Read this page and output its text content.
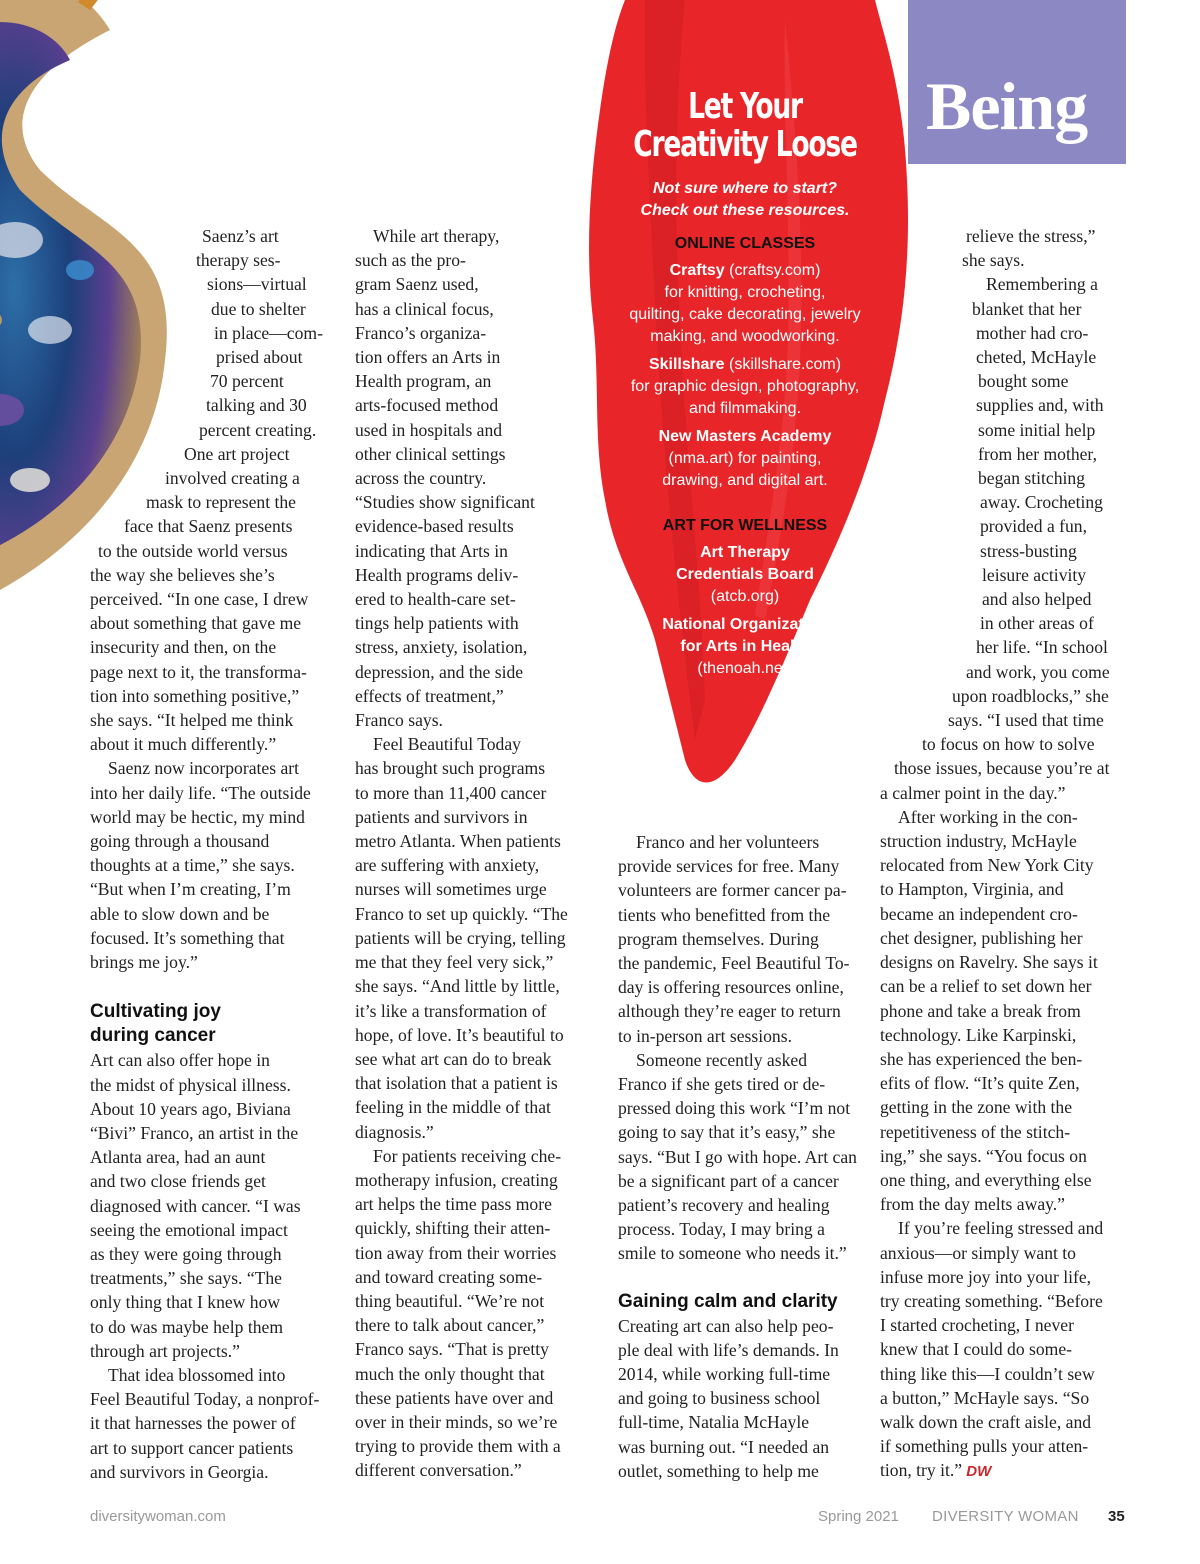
Being
Let Your
Creativity Loose
Not sure where to start?
Check out these resources.
ONLINE CLASSES
Craftsy (craftsy.com)
for knitting, crocheting,
quilting, cake decorating, jewelry
making, and woodworking.
Skillshare (skillshare.com)
for graphic design, photography,
and filmmaking.
New Masters Academy
(nma.art) for painting,
drawing, and digital art.
ART FOR WELLNESS
Art Therapy
Credentials Board
(atcb.org)
National Organization
for Arts in Health
(thenoah.net)

Saenz’s art

therapy ses-

sions—virtual

due to shelter

in place—com-

prised about

70 percent

talking and 30

percent creating.

One art project

involved creating a

mask to represent the

face that Saenz presents

to the outside world versus

the way she believes she’s

perceived. “In one case, I drew

about something that gave me

insecurity and then, on the

page next to it, the transforma-

tion into something positive,”

she says. “It helped me think

about it much differently.”

Saenz now incorporates art

into her daily life. “The outside

world may be hectic, my mind

going through a thousand

thoughts at a time,” she says.

“But when I’m creating, I’m

able to slow down and be

focused. It’s something that

brings me joy.”

Cultivating joy
during cancer

Art can also offer hope in

the midst of physical illness.

About 10 years ago, Biviana

“Bivi” Franco, an artist in the

Atlanta area, had an aunt

and two close friends get

diagnosed with cancer. “I was

seeing the emotional impact

as they were going through

treatments,” she says. “The

only thing that I knew how

to do was maybe help them

through art projects.”

That idea blossomed into

Feel Beautiful Today, a nonprof-

it that harnesses the power of

art to support cancer patients

and survivors in Georgia.

While art therapy,

such as the pro-

gram Saenz used,

has a clinical focus,

Franco’s organiza-

tion offers an Arts in

Health program, an

arts-focused method

used in hospitals and

other clinical settings

across the country.

“Studies show significant

evidence-based results

indicating that Arts in

Health programs deliv-

ered to health-care set-

tings help patients with

stress, anxiety, isolation,

depression, and the side

effects of treatment,”

Franco says.

Feel Beautiful Today

has brought such programs

to more than 11,400 cancer

patients and survivors in

metro Atlanta. When patients

are suffering with anxiety,

nurses will sometimes urge

Franco to set up quickly. “The

patients will be crying, telling

me that they feel very sick,”

she says. “And little by little,

it’s like a transformation of

hope, of love. It’s beautiful to

see what art can do to break

that isolation that a patient is

feeling in the middle of that

diagnosis.”

For patients receiving che-

motherapy infusion, creating

art helps the time pass more

quickly, shifting their atten-

tion away from their worries

and toward creating some-

thing beautiful. “We’re not

there to talk about cancer,”

Franco says. “That is pretty

much the only thought that

these patients have over and

over in their minds, so we’re

trying to provide them with a

different conversation.”

Franco and her volunteers

provide services for free. Many

volunteers are former cancer pa-

tients who benefitted from the

program themselves. During

the pandemic, Feel Beautiful To-

day is offering resources online,

although they’re eager to return

to in-person art sessions.

Someone recently asked

Franco if she gets tired or de-

pressed doing this work “I’m not

going to say that it’s easy,” she

says. “But I go with hope. Art can

be a significant part of a cancer

patient’s recovery and healing

process. Today, I may bring a

smile to someone who needs it.”

Gaining calm and clarity

Creating art can also help peo-

ple deal with life’s demands. In

2014, while working full-time

and going to business school

full-time, Natalia McHayle

was burning out. “I needed an

outlet, something to help me

relieve the stress,”

she says.

Remembering a

blanket that her

mother had cro-

cheted, McHayle

bought some

supplies and, with

some initial help

from her mother,

began stitching

away. Crocheting

provided a fun,

stress-busting

leisure activity

and also helped

in other areas of

her life. “In school

and work, you come

upon roadblocks,” she

says. “I used that time

to focus on how to solve

those issues, because you’re at

a calmer point in the day.”

After working in the con-

struction industry, McHayle

relocated from New York City

to Hampton, Virginia, and

became an independent cro-

chet designer, publishing her

designs on Ravelry. She says it

can be a relief to set down her

phone and take a break from

technology. Like Karpinski,

she has experienced the ben-

efits of flow. “It’s quite Zen,

getting in the zone with the

repetitiveness of the stitch-

ing,” she says. “You focus on

one thing, and everything else

from the day melts away.”

If you’re feeling stressed and

anxious—or simply want to

infuse more joy into your life,

try creating something. “Before

I started crocheting, I never

knew that I could do some-

thing like this—I couldn’t sew

a button,” McHayle says. “So

walk down the craft aisle, and

if something pulls your atten-

tion, try it.” DW

diversitywoman.com	Spring 2021 DIVERSITY WOMAN 35
